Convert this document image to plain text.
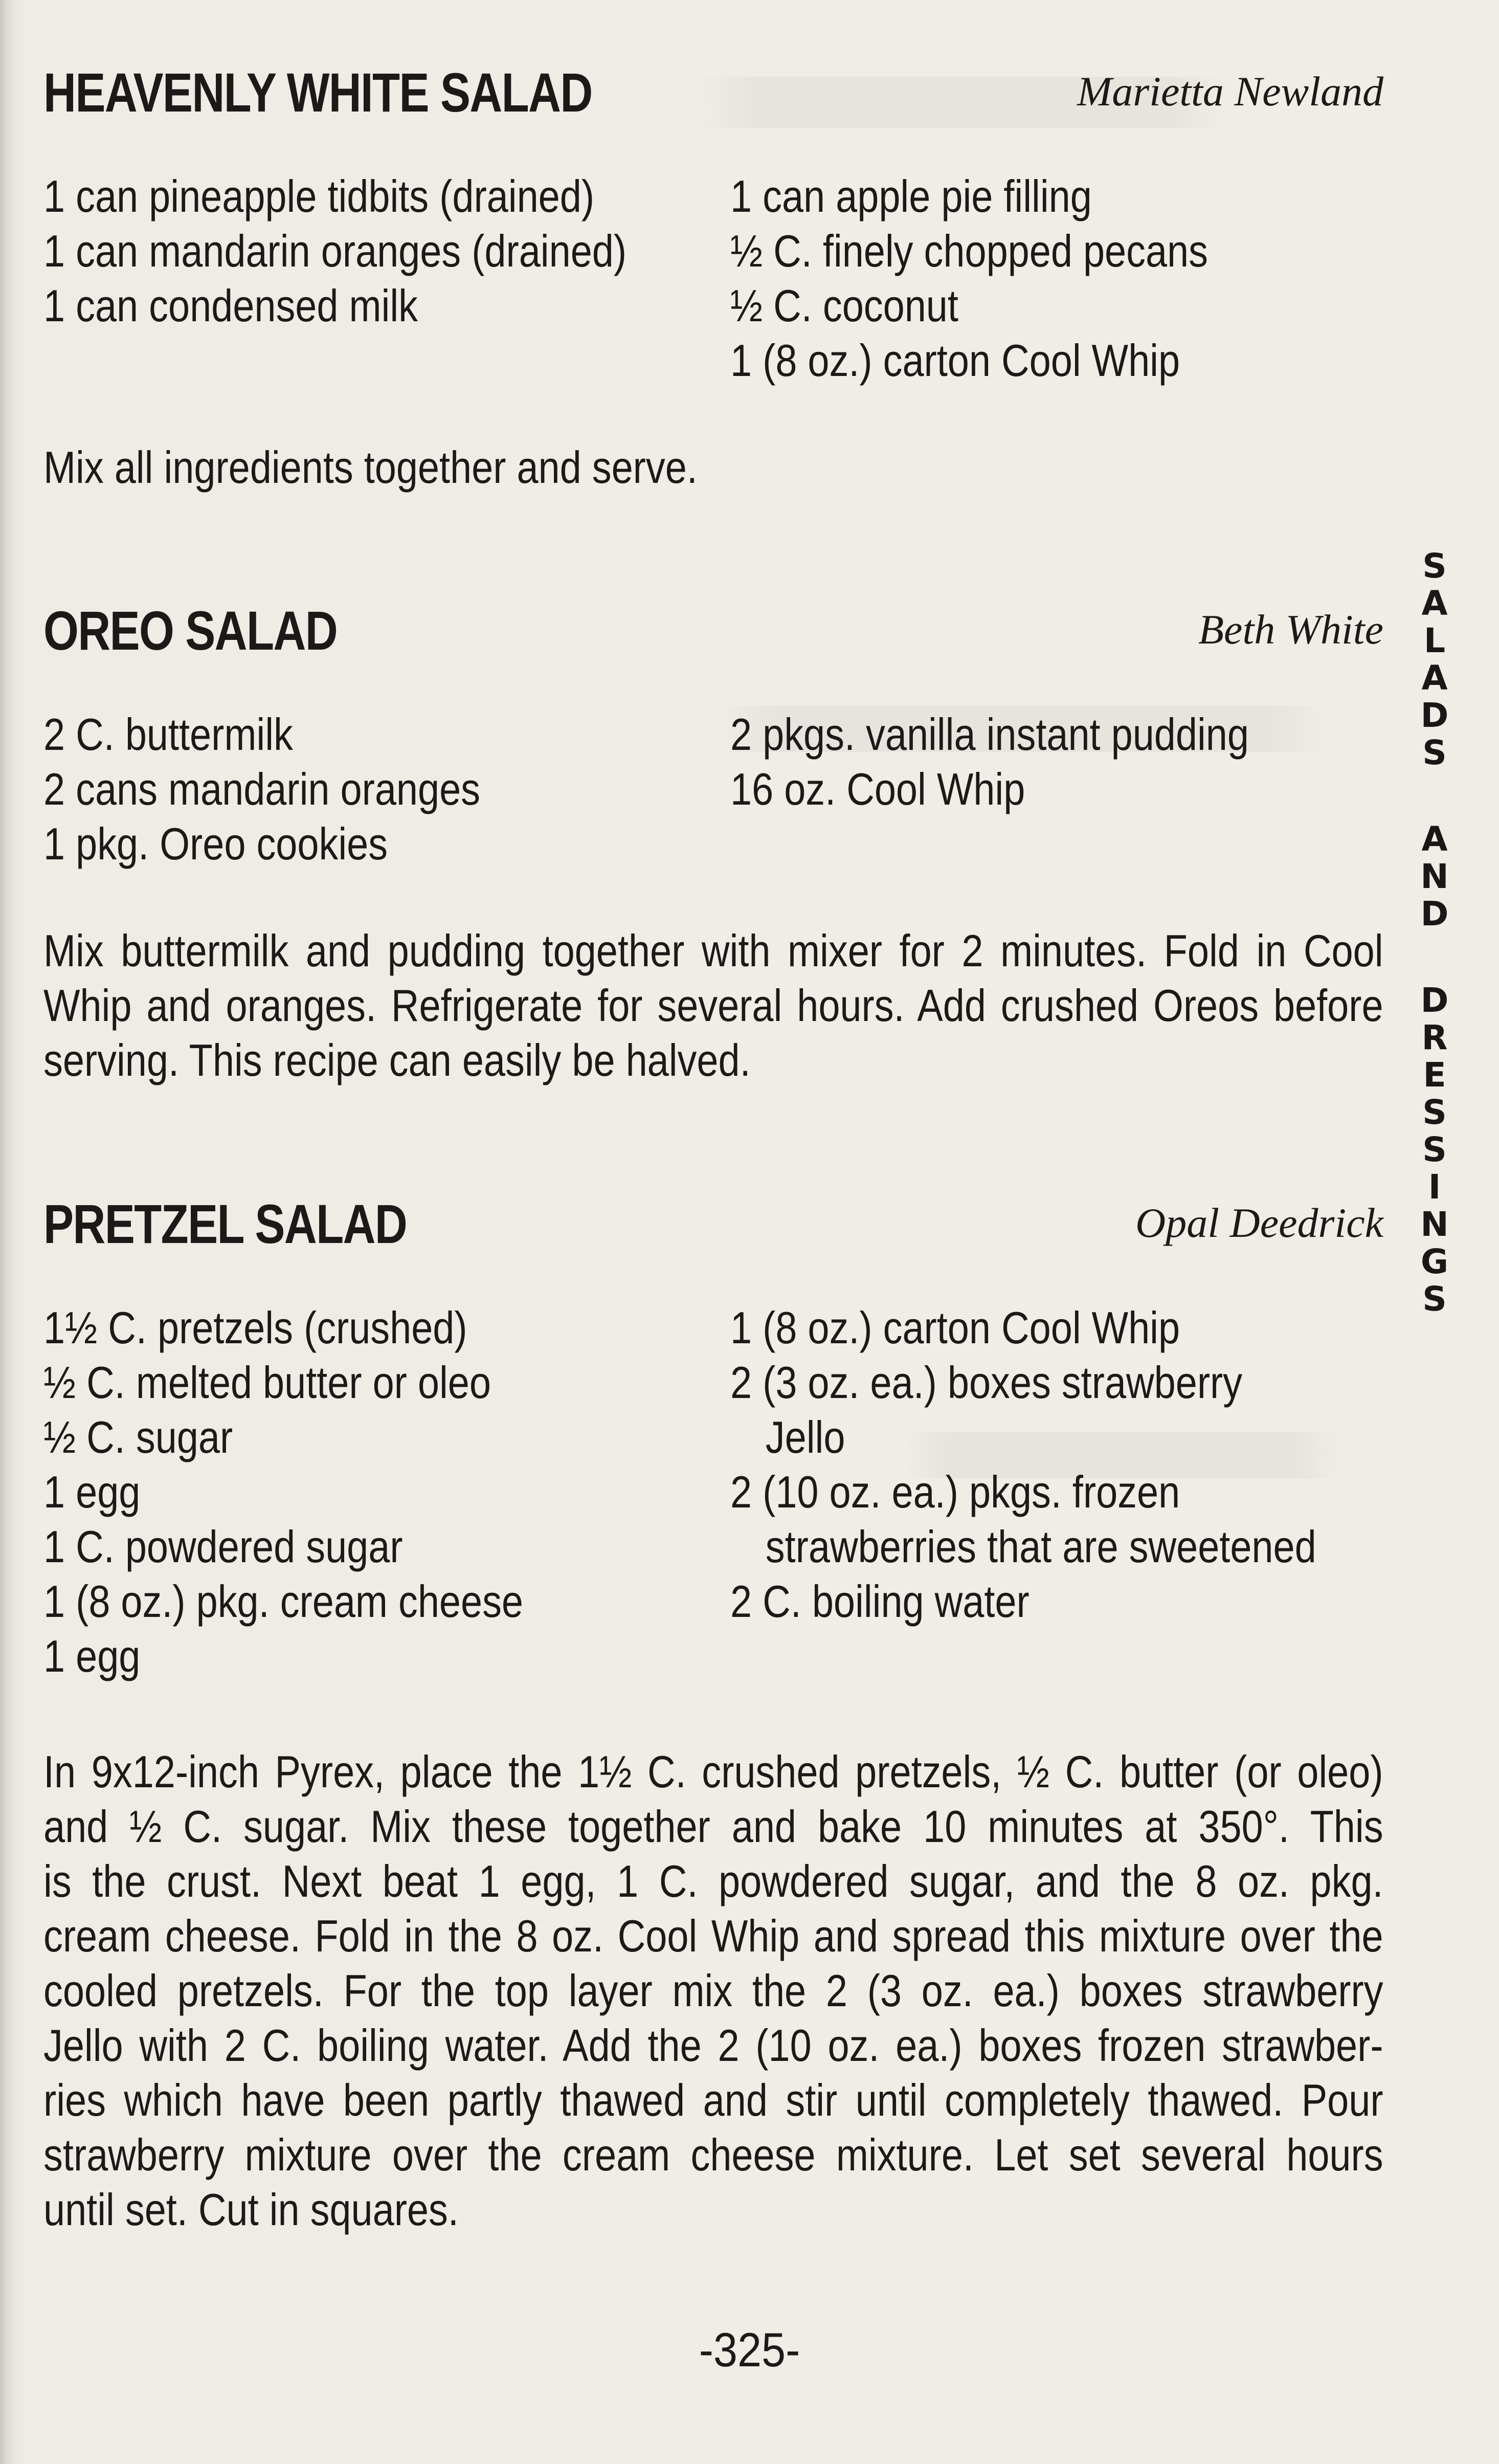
HEAVENLY WHITE SALAD	Marietta Newland
1 can pineapple tidbits (drained)
1 can mandarin oranges (drained)
1 can condensed milk
1 can apple pie filling
½ C. finely chopped pecans
½ C. coconut
1 (8 oz.) carton Cool Whip

Mix all ingredients together and serve.

OREO SALAD	Beth White
2 C. buttermilk
2 cans mandarin oranges
1 pkg. Oreo cookies
2 pkgs. vanilla instant pudding
16 oz. Cool Whip

Mix buttermilk and pudding together with mixer for 2 minutes. Fold in Cool
Whip and oranges. Refrigerate for several hours. Add crushed Oreos before
serving. This recipe can easily be halved.

PRETZEL SALAD	Opal Deedrick
1½ C. pretzels (crushed)
½ C. melted butter or oleo
½ C. sugar
1 egg
1 C. powdered sugar
1 (8 oz.) pkg. cream cheese
1 egg
1 (8 oz.) carton Cool Whip
2 (3 oz. ea.) boxes strawberry
Jello
2 (10 oz. ea.) pkgs. frozen
strawberries that are sweetened
2 C. boiling water

In 9x12-inch Pyrex, place the 1½ C. crushed pretzels, ½ C. butter (or oleo)
and ½ C. sugar. Mix these together and bake 10 minutes at 350°. This
is the crust. Next beat 1 egg, 1 C. powdered sugar, and the 8 oz. pkg.
cream cheese. Fold in the 8 oz. Cool Whip and spread this mixture over the
cooled pretzels. For the top layer mix the 2 (3 oz. ea.) boxes strawberry
Jello with 2 C. boiling water. Add the 2 (10 oz. ea.) boxes frozen strawber-
ries which have been partly thawed and stir until completely thawed. Pour
strawberry mixture over the cream cheese mixture. Let set several hours
until set. Cut in squares.

S
A
L
A
D
S
A
N
D
D
R
E
S
S
I
N
G
S
-325-
